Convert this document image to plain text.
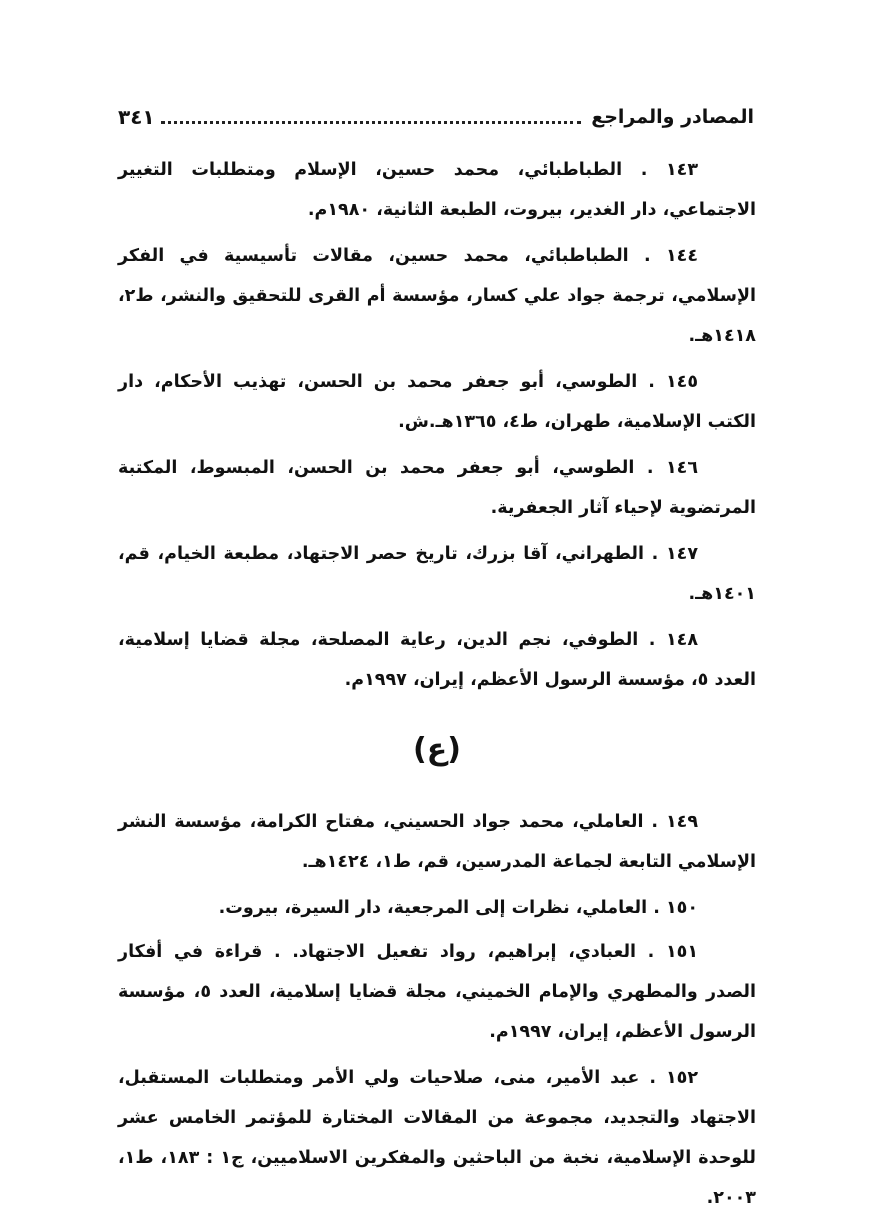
٣٤١	المصادر والمراجع

١٤٣ . الطباطبائي، محمد حسين، الإسلام ومتطلبات التغيير الاجتماعي، دار الغدير، بيروت، الطبعة الثانية، ١٩٨٠م.

١٤٤ . الطباطبائي، محمد حسين، مقالات تأسيسية في الفكر الإسلامي، ترجمة جواد علي كسار، مؤسسة أم القرى للتحقيق والنشر، ط٢، ١٤١٨هـ.

١٤٥ . الطوسي، أبو جعفر محمد بن الحسن، تهذيب الأحكام، دار الكتب الإسلامية، طهران، ط٤، ١٣٦٥هـ.ش.

١٤٦ . الطوسي، أبو جعفر محمد بن الحسن، المبسوط، المكتبة المرتضوية لإحياء آثار الجعفرية.

١٤٧ . الطهراني، آقا بزرك، تاريخ حصر الاجتهاد، مطبعة الخيام، قم، ١٤٠١هـ.

١٤٨ . الطوفي، نجم الدين، رعاية المصلحة، مجلة قضايا إسلامية، العدد ٥، مؤسسة الرسول الأعظم، إيران، ١٩٩٧م.

(ع)

١٤٩ . العاملي، محمد جواد الحسيني، مفتاح الكرامة، مؤسسة النشر الإسلامي التابعة لجماعة المدرسين، قم، ط١، ١٤٢٤هـ.

١٥٠ . العاملي، نظرات إلى المرجعية، دار السيرة، بيروت.

١٥١ . العبادي، إبراهيم، رواد تفعيل الاجتهاد. . قراءة في أفكار الصدر والمطهري والإمام الخميني، مجلة قضايا إسلامية، العدد ٥، مؤسسة الرسول الأعظم، إيران، ١٩٩٧م.

١٥٢ . عبد الأمير، منى، صلاحيات ولي الأمر ومتطلبات المستقبل، الاجتهاد والتجديد، مجموعة من المقالات المختارة للمؤتمر الخامس عشر للوحدة الإسلامية، نخبة من الباحثين والمفكرين الاسلاميين، ج١ : ١٨٣، ط١، ٢٠٠٣.
